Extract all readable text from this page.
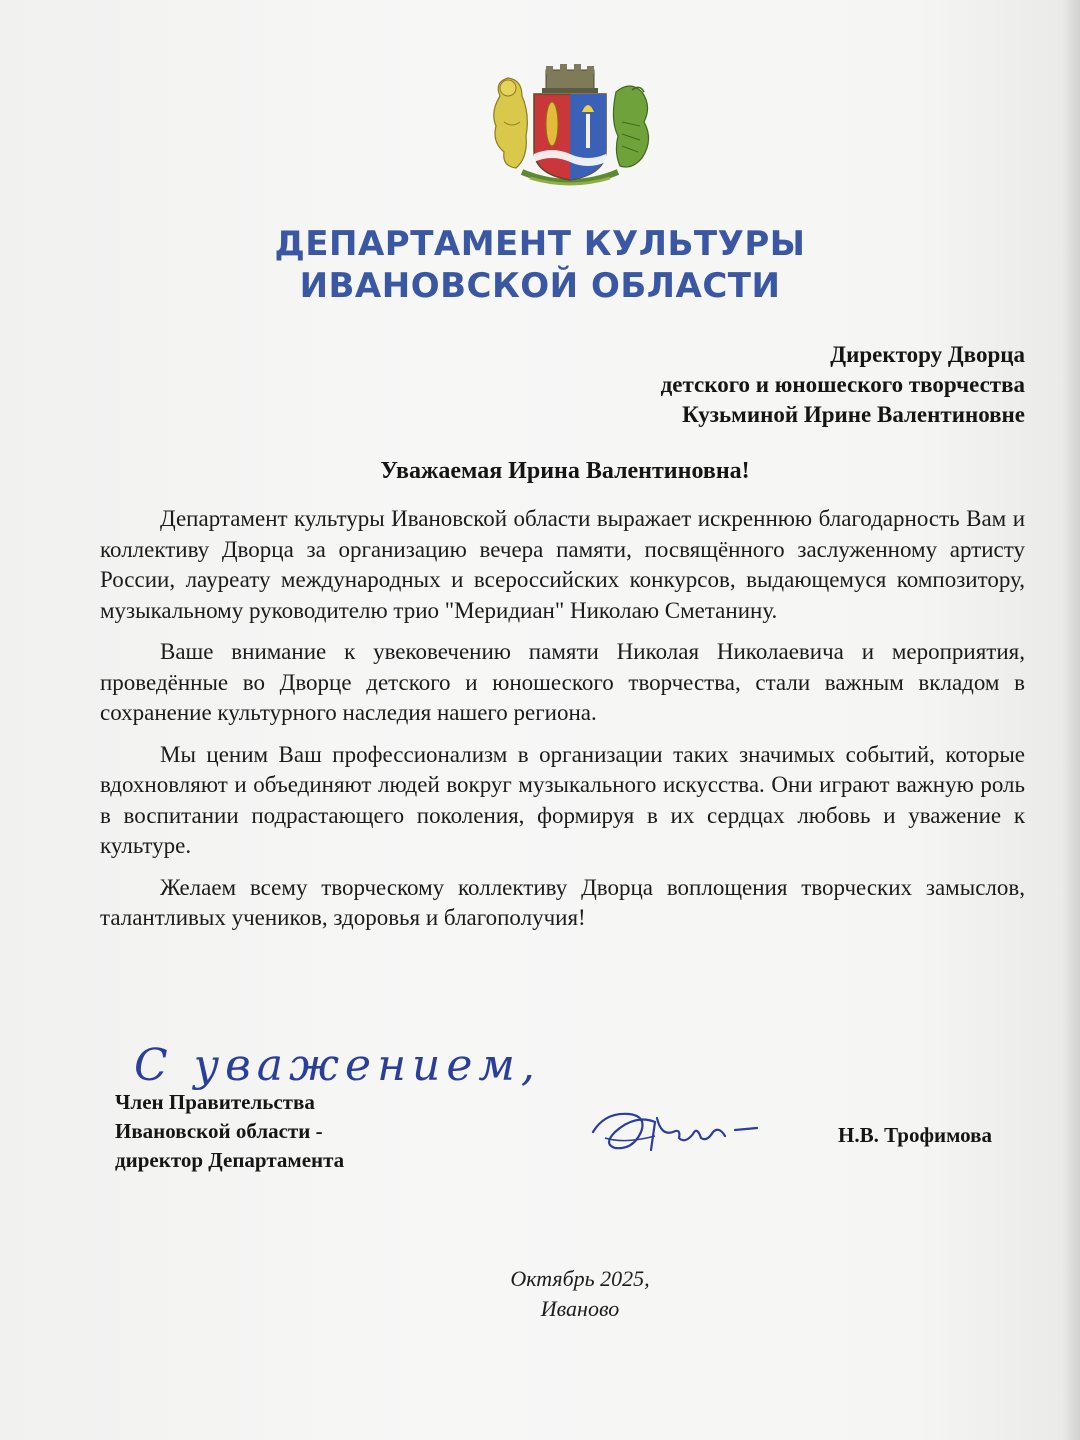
ДЕПАРТАМЕНТ КУЛЬТУРЫ
ИВАНОВСКОЙ ОБЛАСТИ
Директору Дворца
детского и юношеского творчества
Кузьминой Ирине Валентиновне
Уважаемая Ирина Валентиновна!

Департамент культуры Ивановской области выражает искреннюю благодарность Вам и коллективу Дворца за организацию вечера памяти, посвящённого заслуженному артисту России, лауреату международных и всероссийских конкурсов, выдающемуся композитору, музыкальному руководителю трио "Меридиан" Николаю Сметанину.

Ваше внимание к увековечению памяти Николая Николаевича и мероприятия, проведённые во Дворце детского и юношеского творчества, стали важным вкладом в сохранение культурного наследия нашего региона.

Мы ценим Ваш профессионализм в организации таких значимых событий, которые вдохновляют и объединяют людей вокруг музыкального искусства. Они играют важную роль в воспитании подрастающего поколения, формируя в их сердцах любовь и уважение к культуре.

Желаем всему творческому коллективу Дворца воплощения творческих замыслов, талантливых учеников, здоровья и благополучия!

С уважением,
Член Правительства
Ивановской области -
директор Департамента
Н.В. Трофимова
Октябрь 2025,
Иваново
